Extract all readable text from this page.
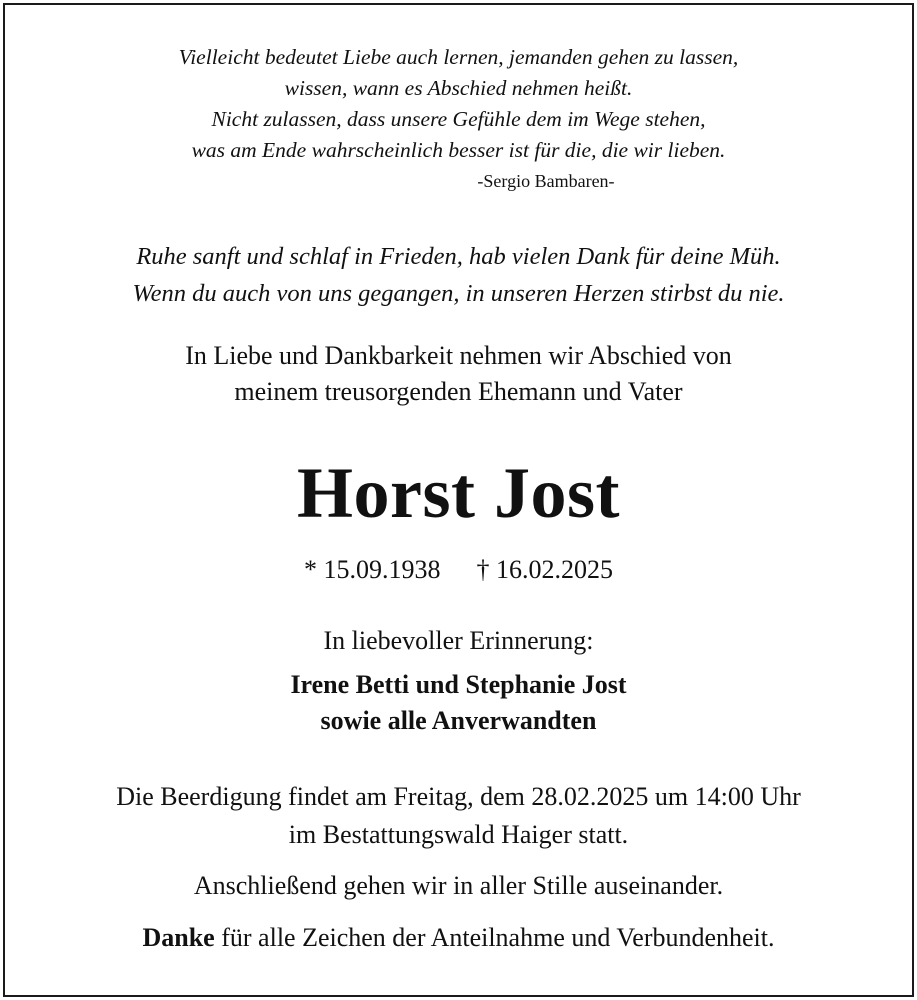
Vielleicht bedeutet Liebe auch lernen, jemanden gehen zu lassen,
wissen, wann es Abschied nehmen heißt.
Nicht zulassen, dass unsere Gefühle dem im Wege stehen,
was am Ende wahrscheinlich besser ist für die, die wir lieben.
-Sergio Bambaren-
Ruhe sanft und schlaf in Frieden, hab vielen Dank für deine Müh.
Wenn du auch von uns gegangen, in unseren Herzen stirbst du nie.
In Liebe und Dankbarkeit nehmen wir Abschied von
meinem treusorgenden Ehemann und Vater
Horst Jost
* 15.09.1938 † 16.02.2025
In liebevoller Erinnerung:
Irene Betti und Stephanie Jost
sowie alle Anverwandten
Die Beerdigung findet am Freitag, dem 28.02.2025 um 14:00 Uhr
im Bestattungswald Haiger statt.
Anschließend gehen wir in aller Stille auseinander.
Danke für alle Zeichen der Anteilnahme und Verbundenheit.
